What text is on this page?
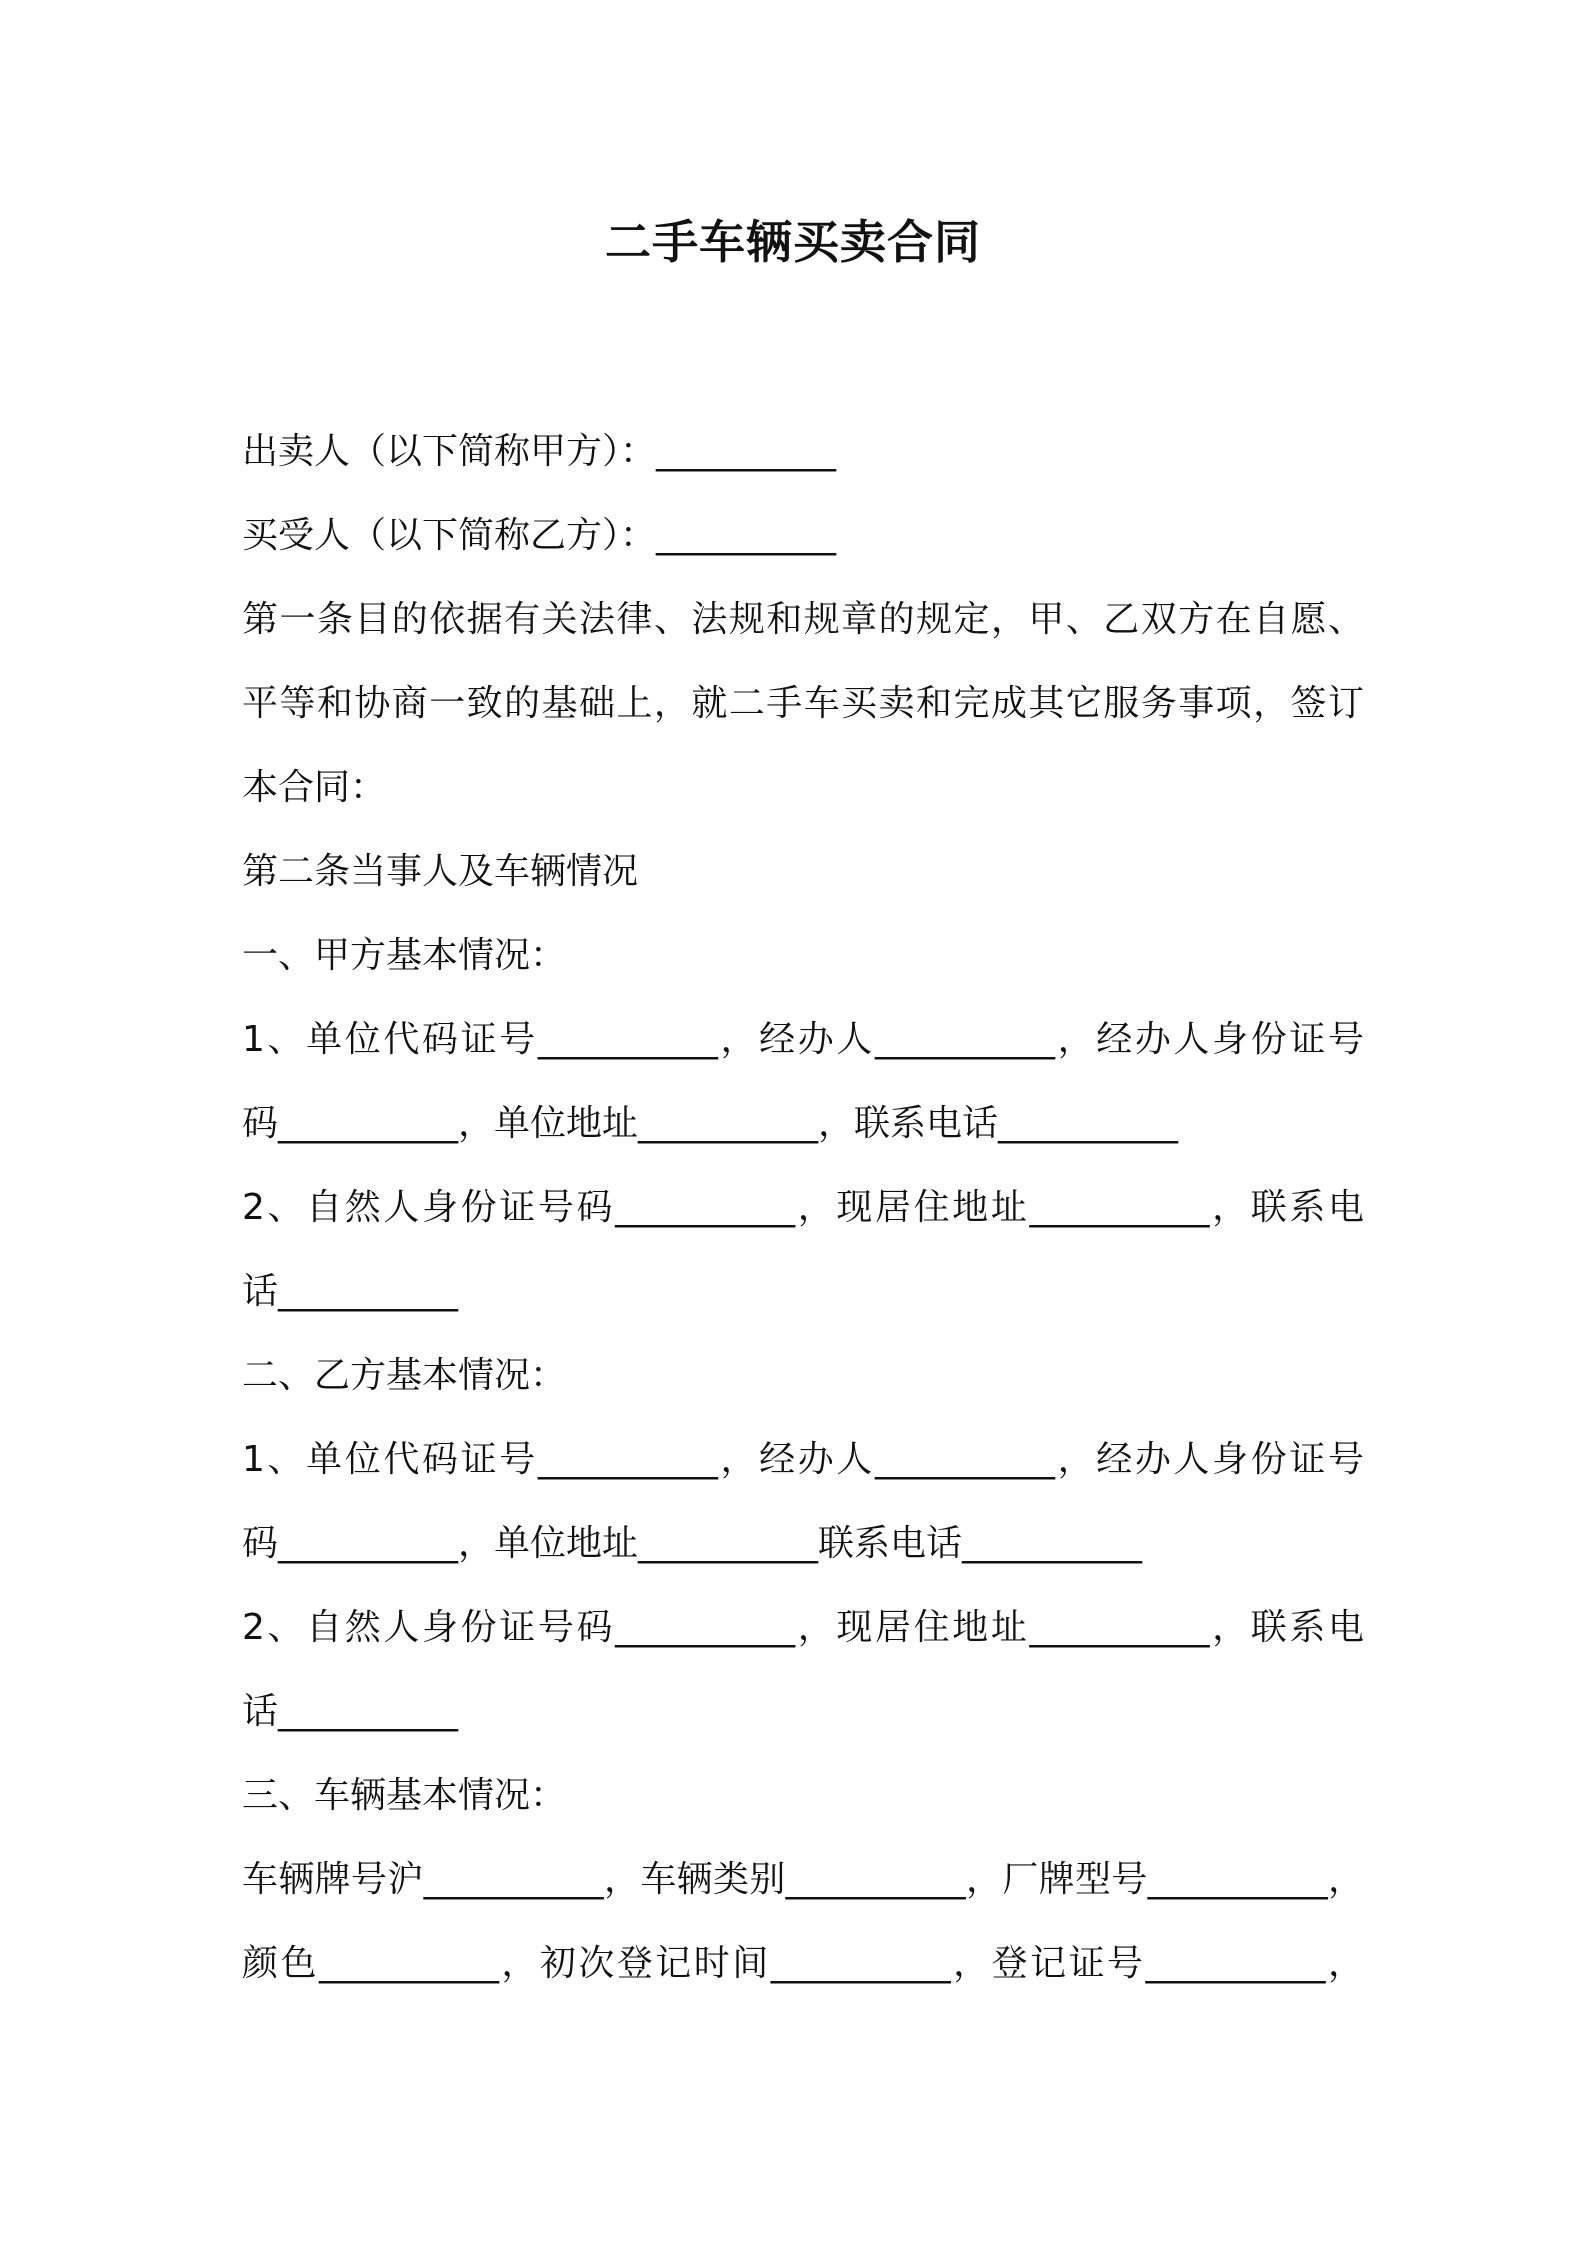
二手车辆买卖合同
出卖人（以下简称甲方）：__________
买受人（以下简称乙方）：__________
第一条目的依据有关法律、法规和规章的规定，甲、乙双方在自愿、
平等和协商一致的基础上，就二手车买卖和完成其它服务事项，签订
本合同：
第二条当事人及车辆情况
一、甲方基本情况：
1、单位代码证号__________，经办人__________，经办人身份证号
码__________，单位地址__________，联系电话__________
2、自然人身份证号码__________，现居住地址__________，联系电
话__________
二、乙方基本情况：
1、单位代码证号__________，经办人__________，经办人身份证号
码__________，单位地址__________联系电话__________
2、自然人身份证号码__________，现居住地址__________，联系电
话__________
三、车辆基本情况：
车辆牌号沪__________，车辆类别__________，厂牌型号__________，
颜色__________，初次登记时间__________，登记证号__________，
